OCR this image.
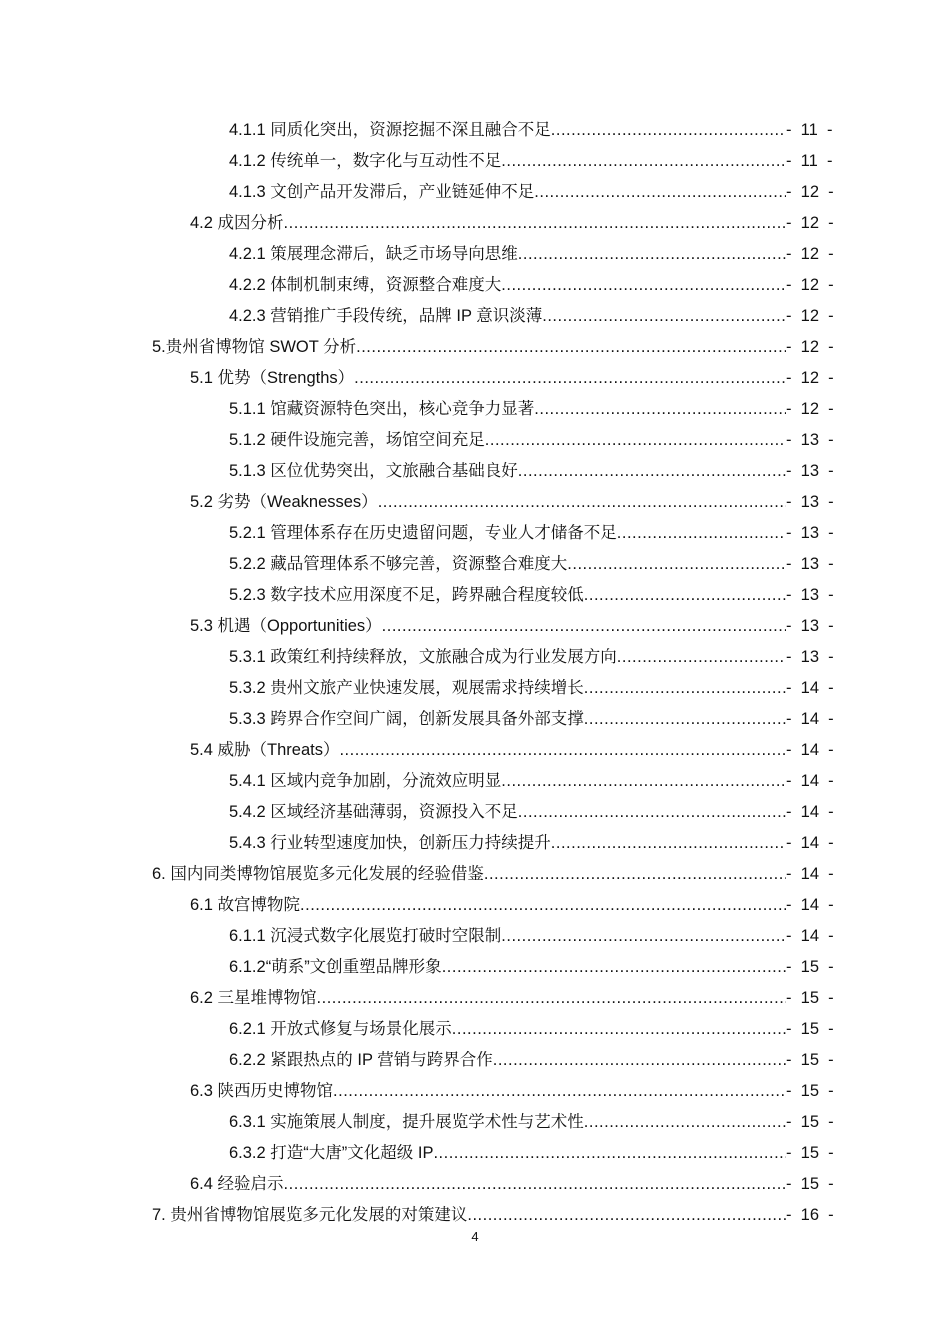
4.1.1 同质化突出，资源挖掘不深且融合不足 .....	-  11  -
4.1.2 传统单一，数字化与互动性不足 .....	-  11  -
4.1.3 文创产品开发滞后，产业链延伸不足 .....	-  12  -
4.2 成因分析 .....	-  12  -
4.2.1 策展理念滞后，缺乏市场导向思维 .....	-  12  -
4.2.2 体制机制束缚，资源整合难度大 .....	-  12  -
4.2.3 营销推广手段传统，品牌 IP 意识淡薄 .....	-  12  -
5.贵州省博物馆 SWOT 分析 .....	-  12  -
5.1 优势（Strengths） .....	-  12  -
5.1.1 馆藏资源特色突出，核心竞争力显著 .....	-  12  -
5.1.2 硬件设施完善，场馆空间充足 .....	-  13  -
5.1.3 区位优势突出，文旅融合基础良好 .....	-  13  -
5.2 劣势（Weaknesses） .....	-  13  -
5.2.1 管理体系存在历史遗留问题，专业人才储备不足 .....	-  13  -
5.2.2 藏品管理体系不够完善，资源整合难度大 .....	-  13  -
5.2.3 数字技术应用深度不足，跨界融合程度较低 .....	-  13  -
5.3 机遇（Opportunities） .....	-  13  -
5.3.1 政策红利持续释放，文旅融合成为行业发展方向 .....	-  13  -
5.3.2 贵州文旅产业快速发展，观展需求持续增长 .....	-  14  -
5.3.3 跨界合作空间广阔，创新发展具备外部支撑 .....	-  14  -
5.4 威胁（Threats） .....	-  14  -
5.4.1 区域内竞争加剧，分流效应明显 .....	-  14  -
5.4.2 区域经济基础薄弱，资源投入不足 .....	-  14  -
5.4.3 行业转型速度加快，创新压力持续提升 .....	-  14  -
6. 国内同类博物馆展览多元化发展的经验借鉴 .....	-  14  -
6.1 故宫博物院 .....	-  14  -
6.1.1 沉浸式数字化展览打破时空限制 .....	-  14  -
6.1.2“萌系”文创重塑品牌形象 .....	-  15  -
6.2 三星堆博物馆 .....	-  15  -
6.2.1 开放式修复与场景化展示 .....	-  15  -
6.2.2 紧跟热点的 IP 营销与跨界合作 .....	-  15  -
6.3 陕西历史博物馆 .....	-  15  -
6.3.1 实施策展人制度，提升展览学术性与艺术性 .....	-  15  -
6.3.2 打造“大唐”文化超级 IP .....	-  15  -
6.4 经验启示 .....	-  15  -
7. 贵州省博物馆展览多元化发展的对策建议 .....	-  16  -
4
